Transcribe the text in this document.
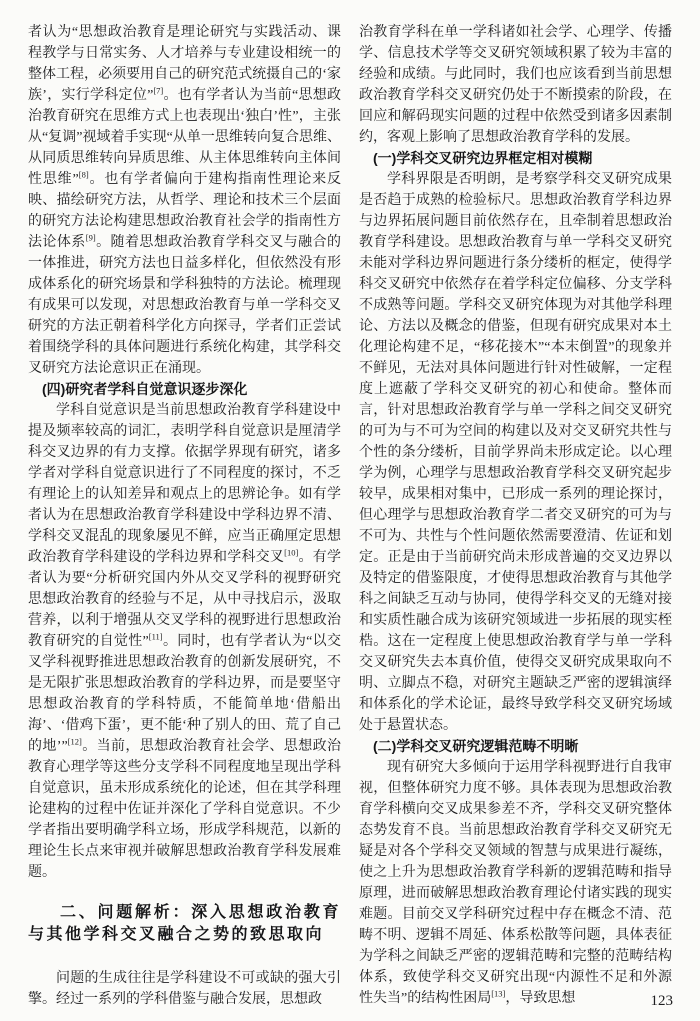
者认为“思想政治教育是理论研究与实践活动、课程教学与日常实务、人才培养与专业建设相统一的整体工程，必须要用自己的研究范式统摄自己的‘家族’，实行学科定位”[7]。也有学者认为当前“思想政治教育研究在思维方式上也表现出‘独白’性”，主张从“复调”视域着手实现“从单一思维转向复合思维、从同质思维转向异质思维、从主体思维转向主体间性思维”[8]。也有学者偏向于建构指南性理论来反映、描绘研究方法，从哲学、理论和技术三个层面的研究方法论构建思想政治教育社会学的指南性方法论体系[9]。随着思想政治教育学科交叉与融合的一体推进，研究方法也日益多样化，但依然没有形成体系化的研究场景和学科独特的方法论。梳理现有成果可以发现，对思想政治教育与单一学科交叉研究的方法正朝着科学化方向探寻，学者们正尝试着围绕学科的具体问题进行系统化构建，其学科交叉研究方法论意识正在涌现。

(四)研究者学科自觉意识逐步深化

学科自觉意识是当前思想政治教育学科建设中提及频率较高的词汇，表明学科自觉意识是厘清学科交叉边界的有力支撑。依据学界现有研究，诸多学者对学科自觉意识进行了不同程度的探讨，不乏有理论上的认知差异和观点上的思辨论争。如有学者认为在思想政治教育学科建设中学科边界不清、学科交叉混乱的现象屡见不鲜，应当正确厘定思想政治教育学科建设的学科边界和学科交叉[10]。有学者认为要“分析研究国内外从交叉学科的视野研究思想政治教育的经验与不足，从中寻找启示，汲取营养，以利于增强从交叉学科的视野进行思想政治教育研究的自觉性”[11]。同时，也有学者认为“以交叉学科视野推进思想政治教育的创新发展研究，不是无限扩张思想政治教育的学科边界，而是要坚守思想政治教育的学科特质，不能简单地‘借船出海’、‘借鸡下蛋’，更不能‘种了别人的田、荒了自己的地’”[12]。当前，思想政治教育社会学、思想政治教育心理学等这些分支学科不同程度地呈现出学科自觉意识，虽未形成系统化的论述，但在其学科理论建构的过程中佐证并深化了学科自觉意识。不少学者指出要明确学科立场，形成学科规范，以新的理论生长点来审视并破解思想政治教育学科发展难题。

二、问题解析：深入思想政治教育与其他学科交叉融合之势的致思取向

问题的生成往往是学科建设不可或缺的强大引擎。经过一系列的学科借鉴与融合发展，思想政

治教育学科在单一学科诸如社会学、心理学、传播学、信息技术学等交叉研究领域积累了较为丰富的经验和成绩。与此同时，我们也应该看到当前思想政治教育学科交叉研究仍处于不断摸索的阶段，在回应和解码现实问题的过程中依然受到诸多因素制约，客观上影响了思想政治教育学科的发展。

(一)学科交叉研究边界框定相对模糊

学科界限是否明朗，是考察学科交叉研究成果是否趋于成熟的检验标尺。思想政治教育学科边界与边界拓展问题目前依然存在，且牵制着思想政治教育学科建设。思想政治教育与单一学科交叉研究未能对学科边界问题进行条分缕析的框定，使得学科交叉研究中依然存在着学科定位偏移、分支学科不成熟等问题。学科交叉研究体现为对其他学科理论、方法以及概念的借鉴，但现有研究成果对本土化理论构建不足，“移花接木”“本末倒置”的现象并不鲜见，无法对具体问题进行针对性破解，一定程度上遮蔽了学科交叉研究的初心和使命。整体而言，针对思想政治教育学与单一学科之间交叉研究的可为与不可为空间的构建以及对交叉研究共性与个性的条分缕析，目前学界尚未形成定论。以心理学为例，心理学与思想政治教育学科交叉研究起步较早，成果相对集中，已形成一系列的理论探讨，但心理学与思想政治教育学二者交叉研究的可为与不可为、共性与个性问题依然需要澄清、佐证和划定。正是由于当前研究尚未形成普遍的交叉边界以及特定的借鉴限度，才使得思想政治教育与其他学科之间缺乏互动与协同，使得学科交叉的无缝对接和实质性融合成为该研究领域进一步拓展的现实桎梏。这在一定程度上使思想政治教育学与单一学科交叉研究失去本真价值，使得交叉研究成果取向不明、立脚点不稳，对研究主题缺乏严密的逻辑演绎和体系化的学术论证，最终导致学科交叉研究场域处于悬置状态。

(二)学科交叉研究逻辑范畴不明晰

现有研究大多倾向于运用学科视野进行自我审视，但整体研究力度不够。具体表现为思想政治教育学科横向交叉成果参差不齐，学科交叉研究整体态势发育不良。当前思想政治教育学科交叉研究无疑是对各个学科交叉领域的智慧与成果进行凝练，使之上升为思想政治教育学科新的逻辑范畴和指导原理，进而破解思想政治教育理论付诸实践的现实难题。目前交叉学科研究过程中存在概念不清、范畴不明、逻辑不周延、体系松散等问题，具体表征为学科之间缺乏严密的逻辑范畴和完整的范畴结构体系，致使学科交叉研究出现“内源性不足和外源性失当”的结构性困局[13]，导致思想	123
